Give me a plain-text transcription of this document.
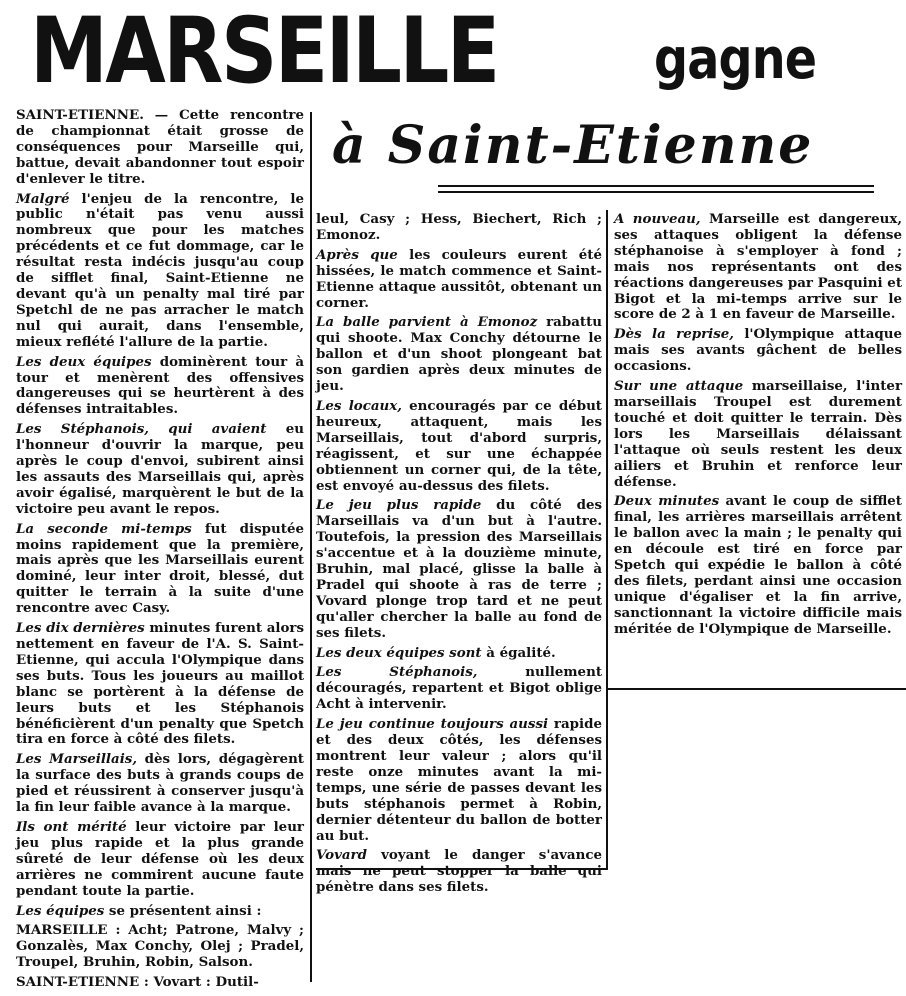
MARSEILLE	gagne
à Saint-Etienne

SAINT-ETIENNE. — Cette rencontre de championnat était grosse de conséquences pour Marseille qui, battue, devait abandonner tout espoir d'enlever le titre.

Malgré l'enjeu de la rencontre, le public n'était pas venu aussi nombreux que pour les matches précédents et ce fut dommage, car le résultat resta indécis jusqu'au coup de sifflet final, Saint-Etienne ne devant qu'à un penalty mal tiré par Spetchl de ne pas arracher le match nul qui aurait, dans l'ensemble, mieux reflété l'allure de la partie.

Les deux équipes dominèrent tour à tour et menèrent des offensives dangereuses qui se heurtèrent à des défenses intraitables.

Les Stéphanois, qui avaient eu l'honneur d'ouvrir la marque, peu après le coup d'envoi, subirent ainsi les assauts des Marseillais qui, après avoir égalisé, marquèrent le but de la victoire peu avant le repos.

La seconde mi-temps fut disputée moins rapidement que la première, mais après que les Marseillais eurent dominé, leur inter droit, blessé, dut quitter le terrain à la suite d'une rencontre avec Casy.

Les dix dernières minutes furent alors nettement en faveur de l'A. S. Saint-Etienne, qui accula l'Olympique dans ses buts. Tous les joueurs au maillot blanc se portèrent à la défense de leurs buts et les Stéphanois bénéficièrent d'un penalty que Spetch tira en force à côté des filets.

Les Marseillais, dès lors, dégagèrent la surface des buts à grands coups de pied et réussirent à conserver jusqu'à la fin leur faible avance à la marque.

Ils ont mérité leur victoire par leur jeu plus rapide et la plus grande sûreté de leur défense où les deux arrières ne commirent aucune faute pendant toute la partie.

Les équipes se présentent ainsi :

MARSEILLE : Acht; Patrone, Malvy ; Gonzalès, Max Conchy, Olej ; Pradel, Troupel, Bruhin, Robin, Salson.

SAINT-ETIENNE : Vovart : Dutil-

leul, Casy ; Hess, Biechert, Rich ; Emonoz.

Après que les couleurs eurent été hissées, le match commence et Saint-Etienne attaque aussitôt, obtenant un corner.

La balle parvient à Emonoz rabattu qui shoote. Max Conchy détourne le ballon et d'un shoot plongeant bat son gardien après deux minutes de jeu.

Les locaux, encouragés par ce début heureux, attaquent, mais les Marseillais, tout d'abord surpris, réagissent, et sur une échappée obtiennent un corner qui, de la tête, est envoyé au-dessus des filets.

Le jeu plus rapide du côté des Marseillais va d'un but à l'autre. Toutefois, la pression des Marseillais s'accentue et à la douzième minute, Bruhin, mal placé, glisse la balle à Pradel qui shoote à ras de terre ; Vovard plonge trop tard et ne peut qu'aller chercher la balle au fond de ses filets.

Les deux équipes sont à égalité.

Les Stéphanois, nullement découragés, repartent et Bigot oblige Acht à intervenir.

Le jeu continue toujours aussi rapide et des deux côtés, les défenses montrent leur valeur ; alors qu'il reste onze minutes avant la mi-temps, une série de passes devant les buts stéphanois permet à Robin, dernier détenteur du ballon de botter au but.

Vovard voyant le danger s'avance mais ne peut stopper la balle qui pénètre dans ses filets.

A nouveau, Marseille est dangereux, ses attaques obligent la défense stéphanoise à s'employer à fond ; mais nos représentants ont des réactions dangereuses par Pasquini et Bigot et la mi-temps arrive sur le score de 2 à 1 en faveur de Marseille.

Dès la reprise, l'Olympique attaque mais ses avants gâchent de belles occasions.

Sur une attaque marseillaise, l'inter marseillais Troupel est durement touché et doit quitter le terrain. Dès lors les Marseillais délaissant l'attaque où seuls restent les deux ailiers et Bruhin et renforce leur défense.

Deux minutes avant le coup de sifflet final, les arrières marseillais arrêtent le ballon avec la main ; le penalty qui en découle est tiré en force par Spetch qui expédie le ballon à côté des filets, perdant ainsi une occasion unique d'égaliser et la fin arrive, sanctionnant la victoire difficile mais méritée de l'Olympique de Marseille.
